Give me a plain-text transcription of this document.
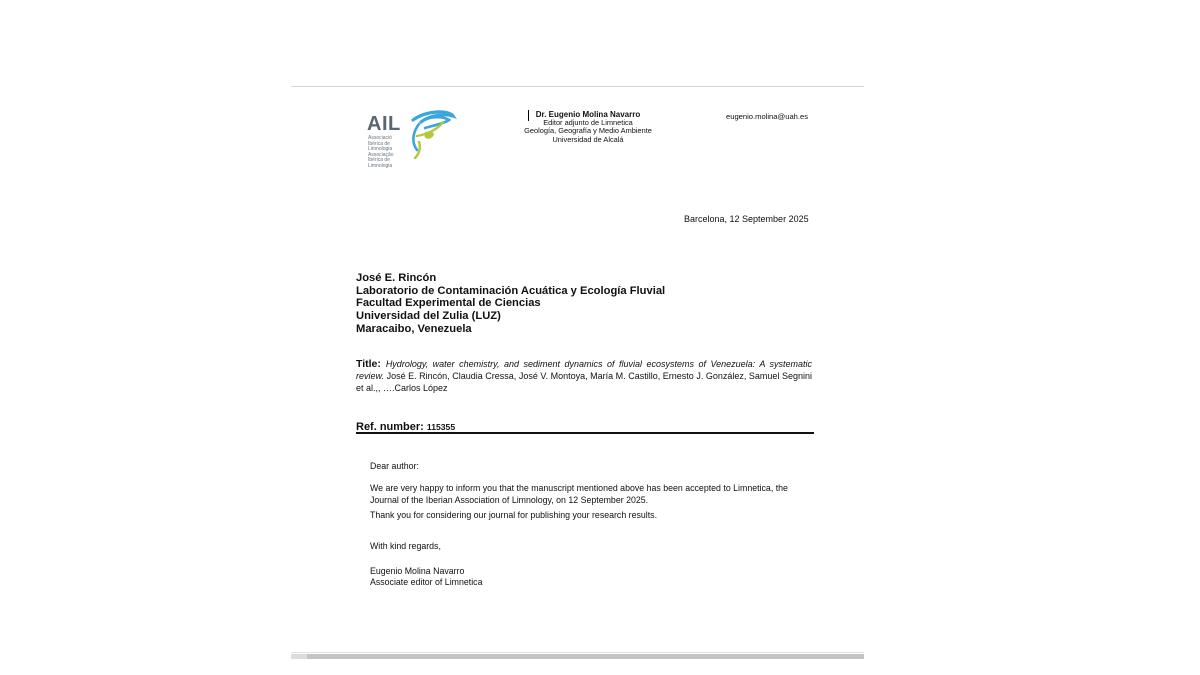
AIL
Associació
Ibèrica de
Limnologia
Associação
Ibérica de
Limnologia
Dr. Eugenio Molina Navarro
Editor adjunto de Limnetica
Geología, Geografía y Medio Ambiente
Universidad de Alcalá
eugenio.molina@uah.es
Barcelona, 12 September 2025
José E. Rincón
Laboratorio de Contaminación Acuática y Ecología Fluvial
Facultad Experimental de Ciencias
Universidad del Zulia (LUZ)
Maracaibo, Venezuela
Title: Hydrology, water chemistry, and sediment dynamics of fluvial ecosystems of Venezuela: A systematic review. José E. Rincón, Claudia Cressa, José V. Montoya, María M. Castillo, Ernesto J. González, Samuel Segnini et al.,, ….Carlos López
Ref. number: 115355

Dear author:

We are very happy to inform you that the manuscript mentioned above has been accepted to Limnetica, the Journal of the Iberian Association of Limnology, on 12 September 2025.

Thank you for considering our journal for publishing your research results.

With kind regards,

Eugenio Molina Navarro
Associate editor of Limnetica
